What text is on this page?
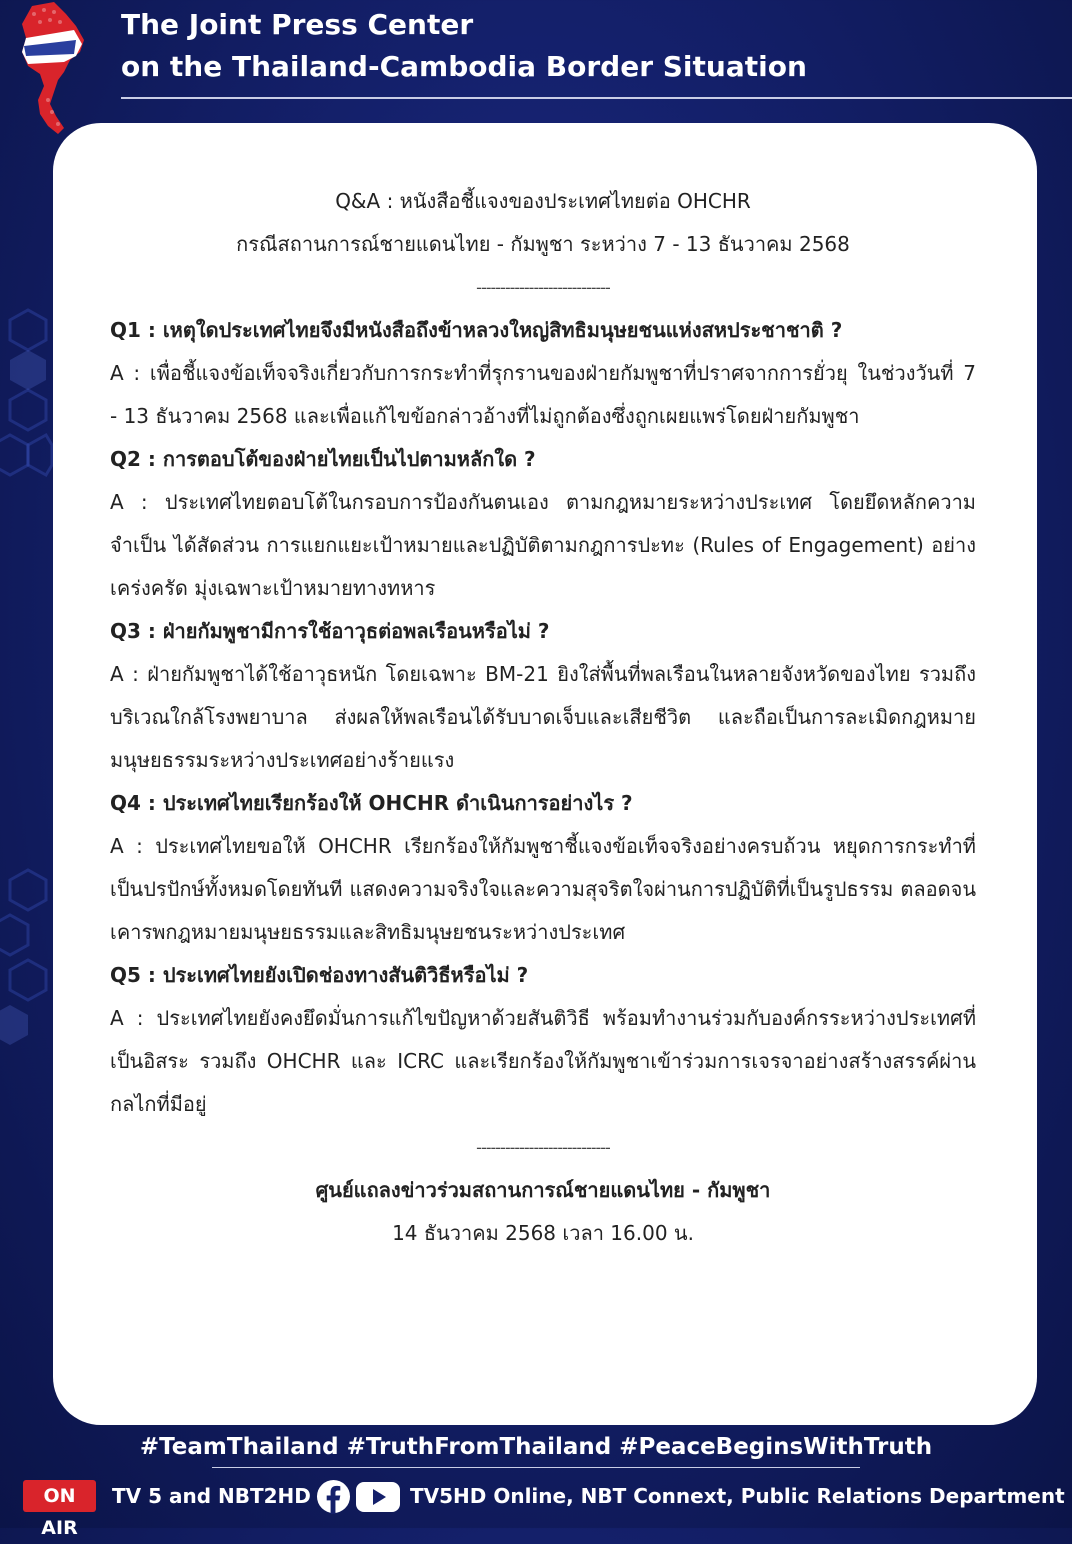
The Joint Press Center
on the Thailand-Cambodia Border Situation
Q&A : หนังสือชี้แจงของประเทศไทยต่อ OHCHR
กรณีสถานการณ์ชายแดนไทย - กัมพูชา ระหว่าง 7 - 13 ธันวาคม 2568
----------------------------
Q1 : เหตุใดประเทศไทยจึงมีหนังสือถึงข้าหลวงใหญ่สิทธิมนุษยชนแห่งสหประชาชาติ ?
A : เพื่อชี้แจงข้อเท็จจริงเกี่ยวกับการกระทำที่รุกรานของฝ่ายกัมพูชาที่ปราศจากการยั่วยุ ในช่วงวันที่ 7 - 13 ธันวาคม 2568 และเพื่อแก้ไขข้อกล่าวอ้างที่ไม่ถูกต้องซึ่งถูกเผยแพร่โดยฝ่ายกัมพูชา
Q2 : การตอบโต้ของฝ่ายไทยเป็นไปตามหลักใด ?
A : ประเทศไทยตอบโต้ในกรอบการป้องกันตนเอง ตามกฎหมายระหว่างประเทศ โดยยึดหลักความจำเป็น ได้สัดส่วน การแยกแยะเป้าหมายและปฏิบัติตามกฎการปะทะ (Rules of Engagement) อย่างเคร่งครัด มุ่งเฉพาะเป้าหมายทางทหาร
Q3 : ฝ่ายกัมพูชามีการใช้อาวุธต่อพลเรือนหรือไม่ ?
A : ฝ่ายกัมพูชาได้ใช้อาวุธหนัก โดยเฉพาะ BM-21 ยิงใส่พื้นที่พลเรือนในหลายจังหวัดของไทย รวมถึงบริเวณใกล้โรงพยาบาล ส่งผลให้พลเรือนได้รับบาดเจ็บและเสียชีวิต และถือเป็นการละเมิดกฎหมายมนุษยธรรมระหว่างประเทศอย่างร้ายแรง
Q4 : ประเทศไทยเรียกร้องให้ OHCHR ดำเนินการอย่างไร ?
A : ประเทศไทยขอให้ OHCHR เรียกร้องให้กัมพูชาชี้แจงข้อเท็จจริงอย่างครบถ้วน หยุดการกระทำที่เป็นปรปักษ์ทั้งหมดโดยทันที แสดงความจริงใจและความสุจริตใจผ่านการปฏิบัติที่เป็นรูปธรรม ตลอดจนเคารพกฎหมายมนุษยธรรมและสิทธิมนุษยชนระหว่างประเทศ
Q5 : ประเทศไทยยังเปิดช่องทางสันติวิธีหรือไม่ ?
A : ประเทศไทยยังคงยึดมั่นการแก้ไขปัญหาด้วยสันติวิธี พร้อมทำงานร่วมกับองค์กรระหว่างประเทศที่เป็นอิสระ รวมถึง OHCHR และ ICRC และเรียกร้องให้กัมพูชาเข้าร่วมการเจรจาอย่างสร้างสรรค์ผ่านกลไกที่มีอยู่
----------------------------
ศูนย์แถลงข่าวร่วมสถานการณ์ชายแดนไทย - กัมพูชา
14 ธันวาคม 2568 เวลา 16.00 น.
#TeamThailand #TruthFromThailand #PeaceBeginsWithTruth
ON AIR
TV 5 and NBT2HD	TV5HD Online, NBT Connext, Public Relations Department
